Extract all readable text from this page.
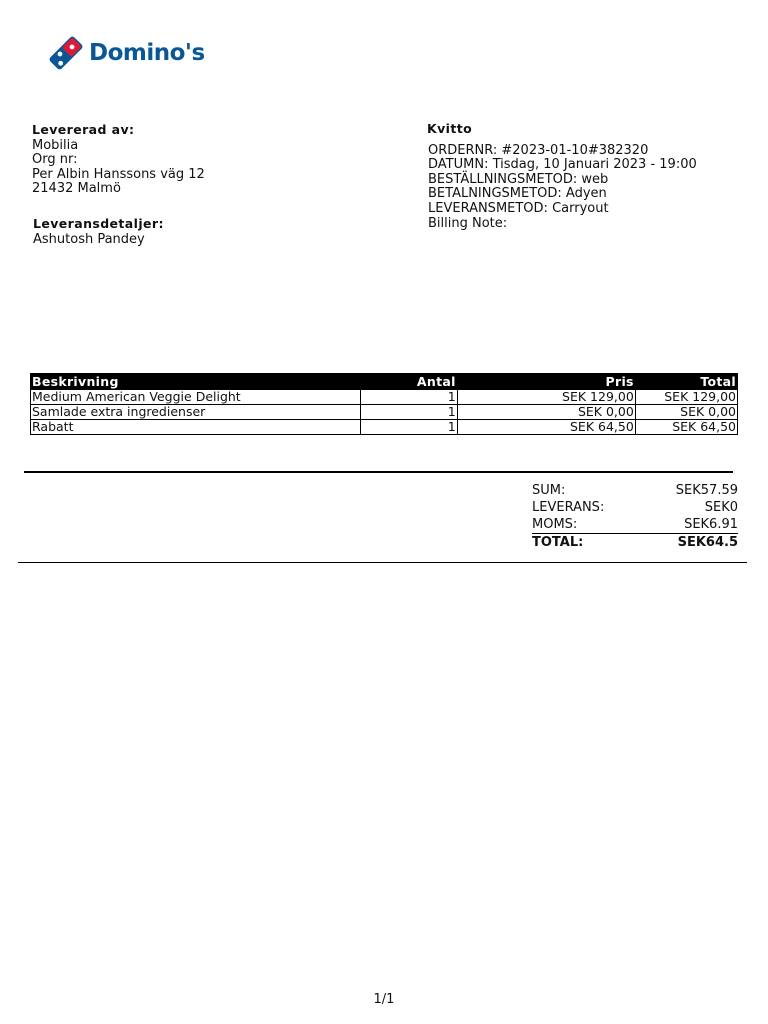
Domino's
Levererad av:
Mobilia
Org nr:
Per Albin Hanssons väg 12
21432 Malmö
Leveransdetaljer:
Ashutosh Pandey
Kvitto
ORDERNR: #2023-01-10#382320
DATUMN: Tisdag, 10 Januari 2023 - 19:00
BESTÄLLNINGSMETOD: web
BETALNINGSMETOD: Adyen
LEVERANSMETOD: Carryout
Billing Note:
Beskrivning	Antal	Pris	Total
Medium American Veggie Delight	1	SEK 129,00	SEK 129,00
Samlade extra ingredienser	1	SEK 0,00	SEK 0,00
Rabatt	1	SEK 64,50	SEK 64,50
SUM:	SEK57.59
LEVERANS:	SEK0
MOMS:	SEK6.91
TOTAL:	SEK64.5
1/1
